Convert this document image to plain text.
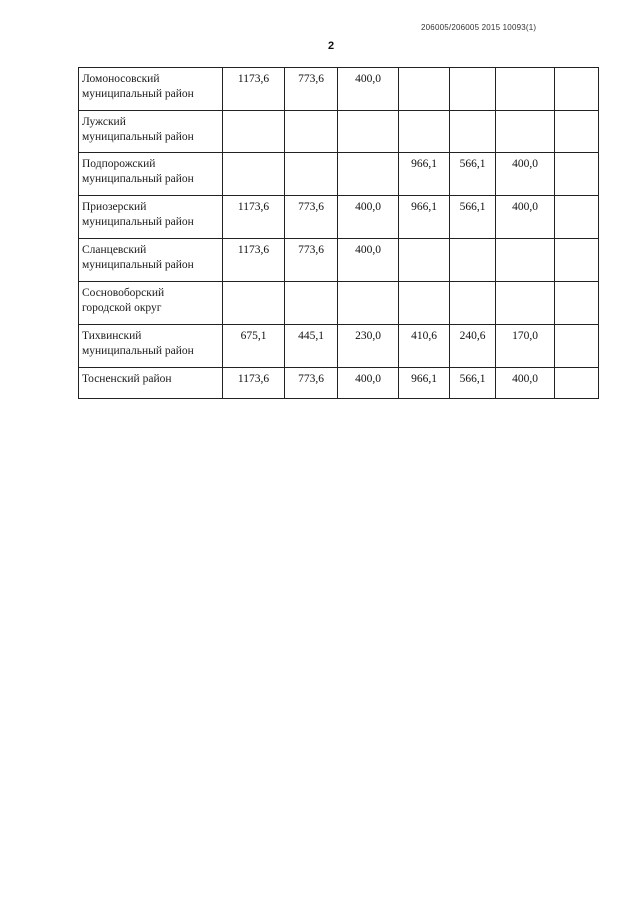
206005/206005 2015 10093(1)
2
Ломоносовский
муниципальный район	1173,6	773,6	400,0				

Лужский
муниципальный район							

Подпорожский
муниципальный район				966,1	566,1	400,0	

Приозерский
муниципальный район	1173,6	773,6	400,0	966,1	566,1	400,0	

Сланцевский
муниципальный район	1173,6	773,6	400,0				

Сосновоборский
городской округ							

Тихвинский
муниципальный район	675,1	445,1	230,0	410,6	240,6	170,0	

Тосненский район	1173,6	773,6	400,0	966,1	566,1	400,0	
